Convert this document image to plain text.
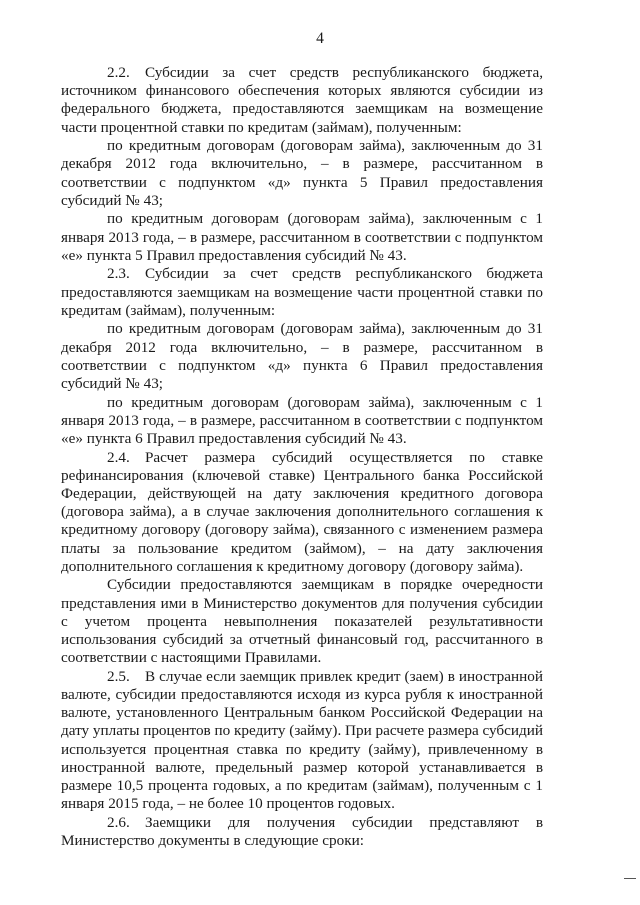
4

2.2. Субсидии за счет средств республиканского бюджета, источником финансового обеспечения которых являются субсидии из федерального бюджета, предоставляются заемщикам на возмещение части процентной ставки по кредитам (займам), полученным:

по кредитным договорам (договорам займа), заключенным до 31 декабря 2012 года включительно, – в размере, рассчитанном в соответствии с подпунктом «д» пункта 5 Правил предоставления субсидий № 43;

по кредитным договорам (договорам займа), заключенным с 1 января 2013 года, – в размере, рассчитанном в соответствии с подпунктом «е» пункта 5 Правил предоставления субсидий № 43.

2.3. Субсидии за счет средств республиканского бюджета предоставляются заемщикам на возмещение части процентной ставки по кредитам (займам), полученным:

по кредитным договорам (договорам займа), заключенным до 31 декабря 2012 года включительно, – в размере, рассчитанном в соответствии с подпунктом «д» пункта 6 Правил предоставления субсидий № 43;

по кредитным договорам (договорам займа), заключенным с 1 января 2013 года, – в размере, рассчитанном в соответствии с подпунктом «е» пункта 6 Правил предоставления субсидий № 43.

2.4. Расчет размера субсидий осуществляется по ставке рефинансирования (ключевой ставке) Центрального банка Российской Федерации, действующей на дату заключения кредитного договора (договора займа), а в случае заключения дополнительного соглашения к кредитному договору (договору займа), связанного с изменением размера платы за пользование кредитом (займом), – на дату заключения дополнительного соглашения к кредитному договору (договору займа).

Субсидии предоставляются заемщикам в порядке очередности представления ими в Министерство документов для получения субсидии с учетом процента невыполнения показателей результативности использования субсидий за отчетный финансовый год, рассчитанного в соответствии с настоящими Правилами.

2.5. В случае если заемщик привлек кредит (заем) в иностранной валюте, субсидии предоставляются исходя из курса рубля к иностранной валюте, установленного Центральным банком Российской Федерации на дату уплаты процентов по кредиту (займу). При расчете размера субсидий используется процентная ставка по кредиту (займу), привлеченному в иностранной валюте, предельный размер которой устанавливается в размере 10,5 процента годовых, а по кредитам (займам), полученным с 1 января 2015 года, – не более 10 процентов годовых.

2.6. Заемщики для получения субсидии представляют в Министерство документы в следующие сроки:
